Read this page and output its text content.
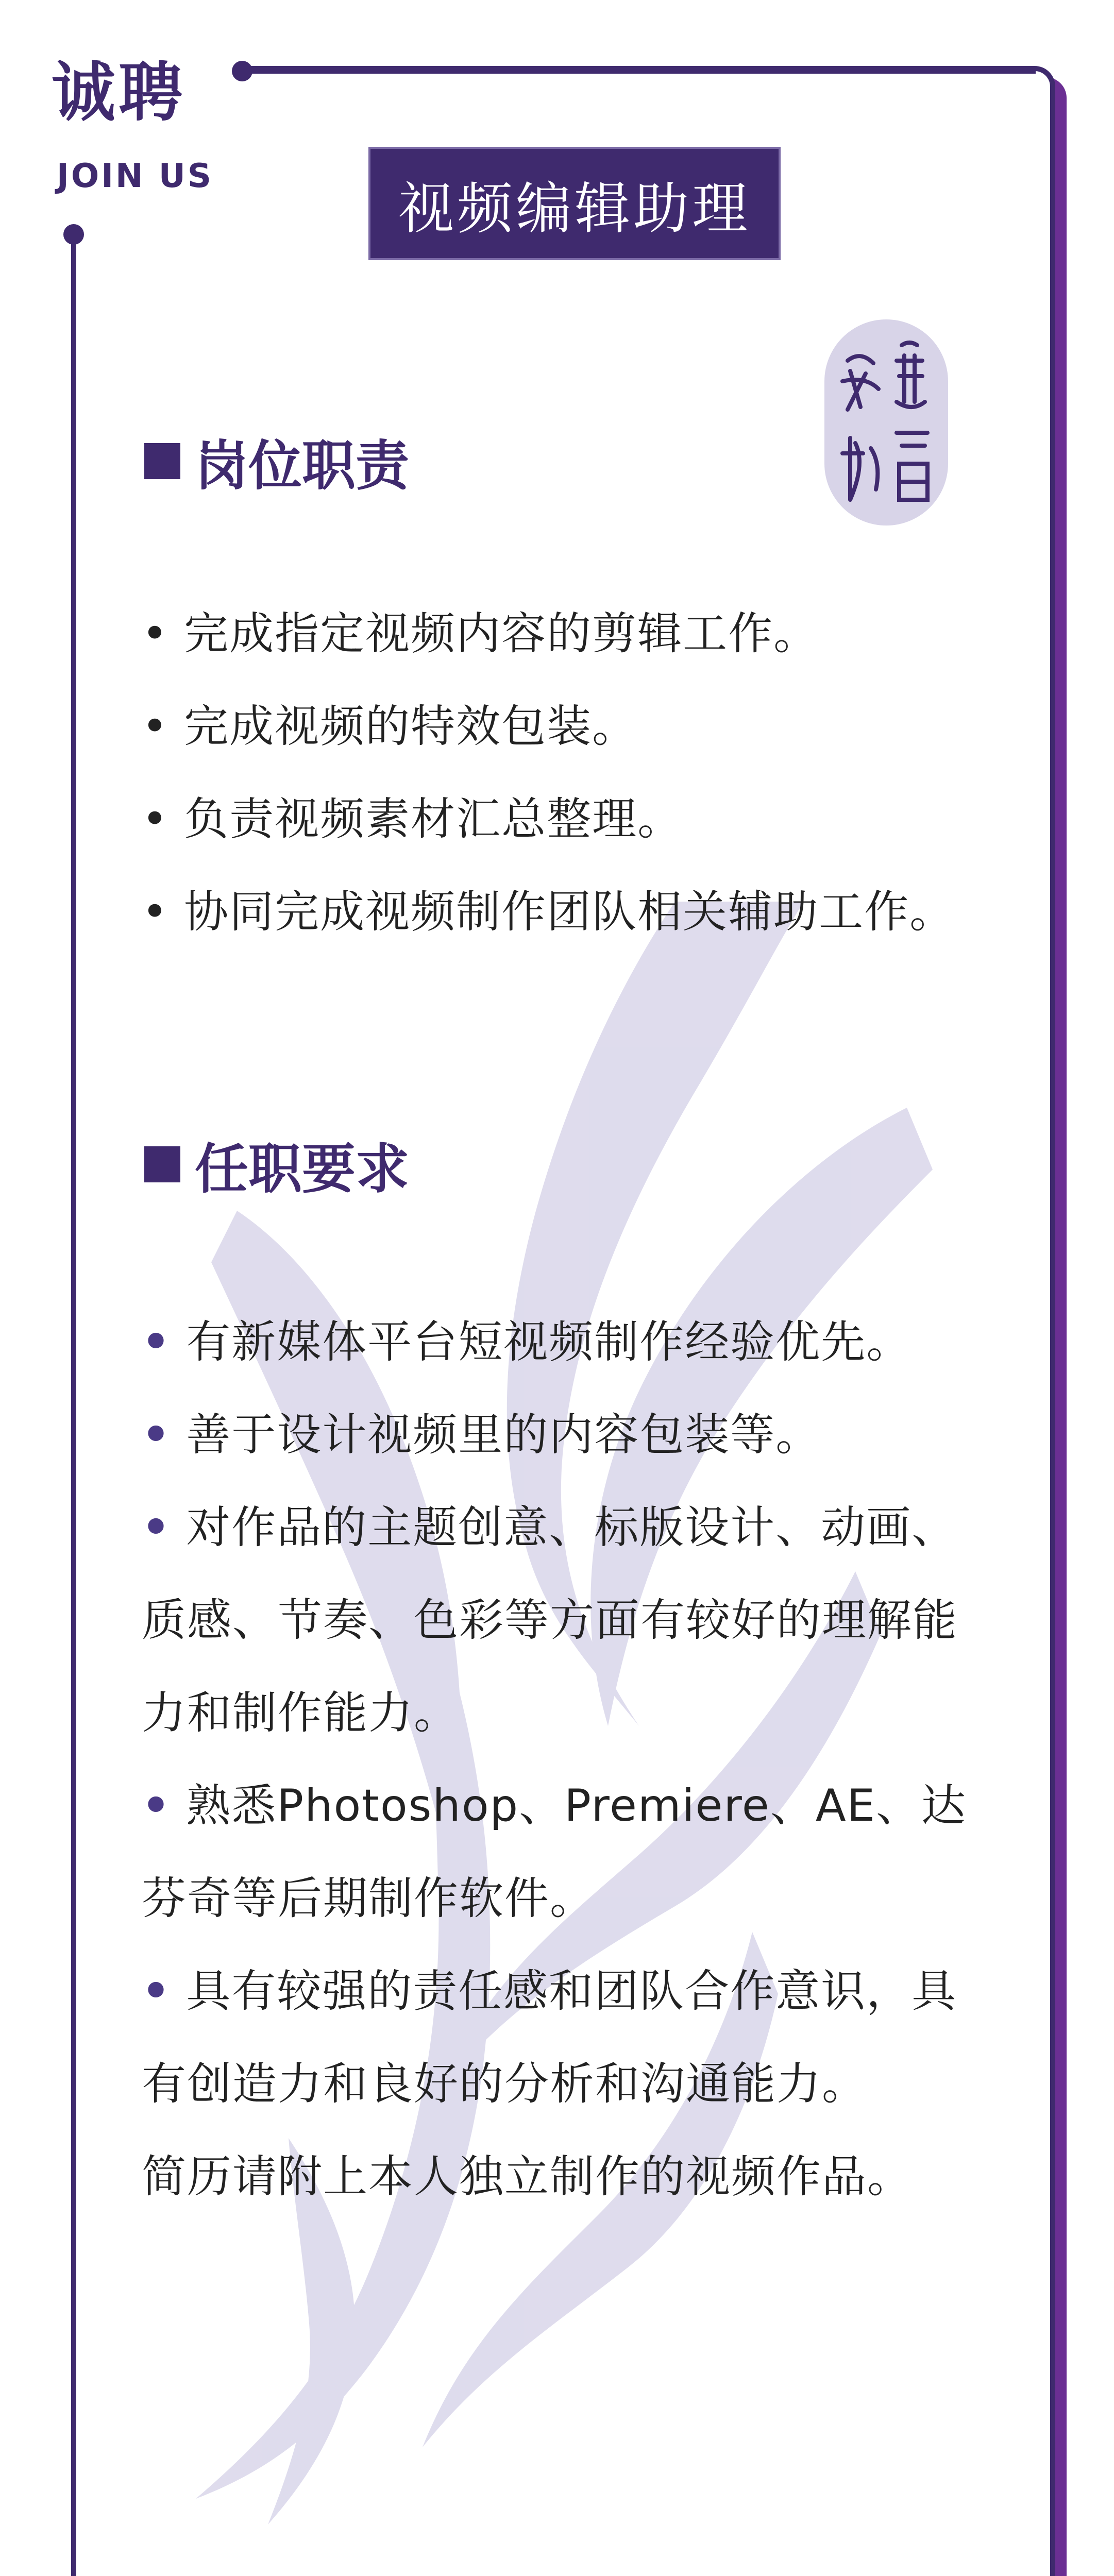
诚聘
JOIN US
视频编辑助理
岗位职责
• 完成指定视频内容的剪辑工作。
• 完成视频的特效包装。
• 负责视频素材汇总整理。
• 协同完成视频制作团队相关辅助工作。
任职要求
• 有新媒体平台短视频制作经验优先。
• 善于设计视频里的内容包装等。
• 对作品的主题创意、标版设计、动画、质感、节奏、色彩等方面有较好的理解能力和制作能力。
• 熟悉Photoshop、Premiere、AE、达芬奇等后期制作软件。
• 具有较强的责任感和团队合作意识，具有创造力和良好的分析和沟通能力。
简历请附上本人独立制作的视频作品。
